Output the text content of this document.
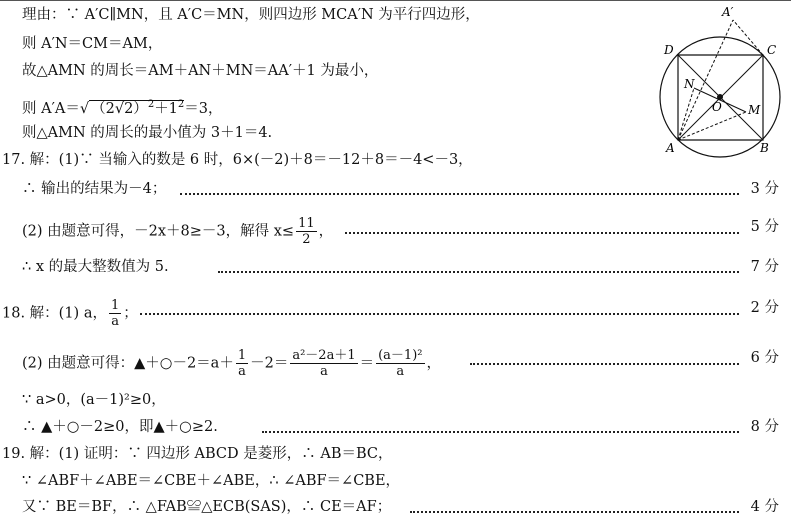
理由：∵ A′C∥MN，且 A′C＝MN，则四边形 MCA′N 为平行四边形，
则 A′N＝CM＝AM，
故△AMN 的周长＝AM＋AN＋MN＝AA′＋1 为最小，
则 A′A＝√ $(2√2)^2+1^2=3$，
则△AMN 的周长的最小值为 3＋1＝4.
A′
D	C
N
O M
A	B
17. 解：(1)∵ 当输入的数是 6 时，6×(－2)＋8＝－12＋8＝－4<－3，
∴ 输出的结果为－4；	3 分
(2) 由题意可得，－2x＋8≥－3，解得 $x\le \frac{11}{2}$ ，	5 分
∴ x 的最大整数值为 5.	7 分
18. 解：(1) a， $\frac{1}{a}$ ；	2 分
(2) 由题意可得：▲＋○－2＝a＋ $\frac{1}{a} -2= \frac{\text{a²－2a＋1}}{a} = \frac{\text{(a－1)²}}{a}$ ，	6 分
∵ a>0，(a－1)²≥0，
∴ ▲＋○－2≥0，即▲＋○≥2.	8 分
19. 解：(1) 证明：∵ 四边形 ABCD 是菱形，∴ AB＝BC，
∵ ∠ABF＋∠ABE＝∠CBE＋∠ABE，∴ ∠ABF＝∠CBE，
又∵ BE＝BF，∴ △FAB≌△ECB(SAS)，∴ CE＝AF；	4 分
